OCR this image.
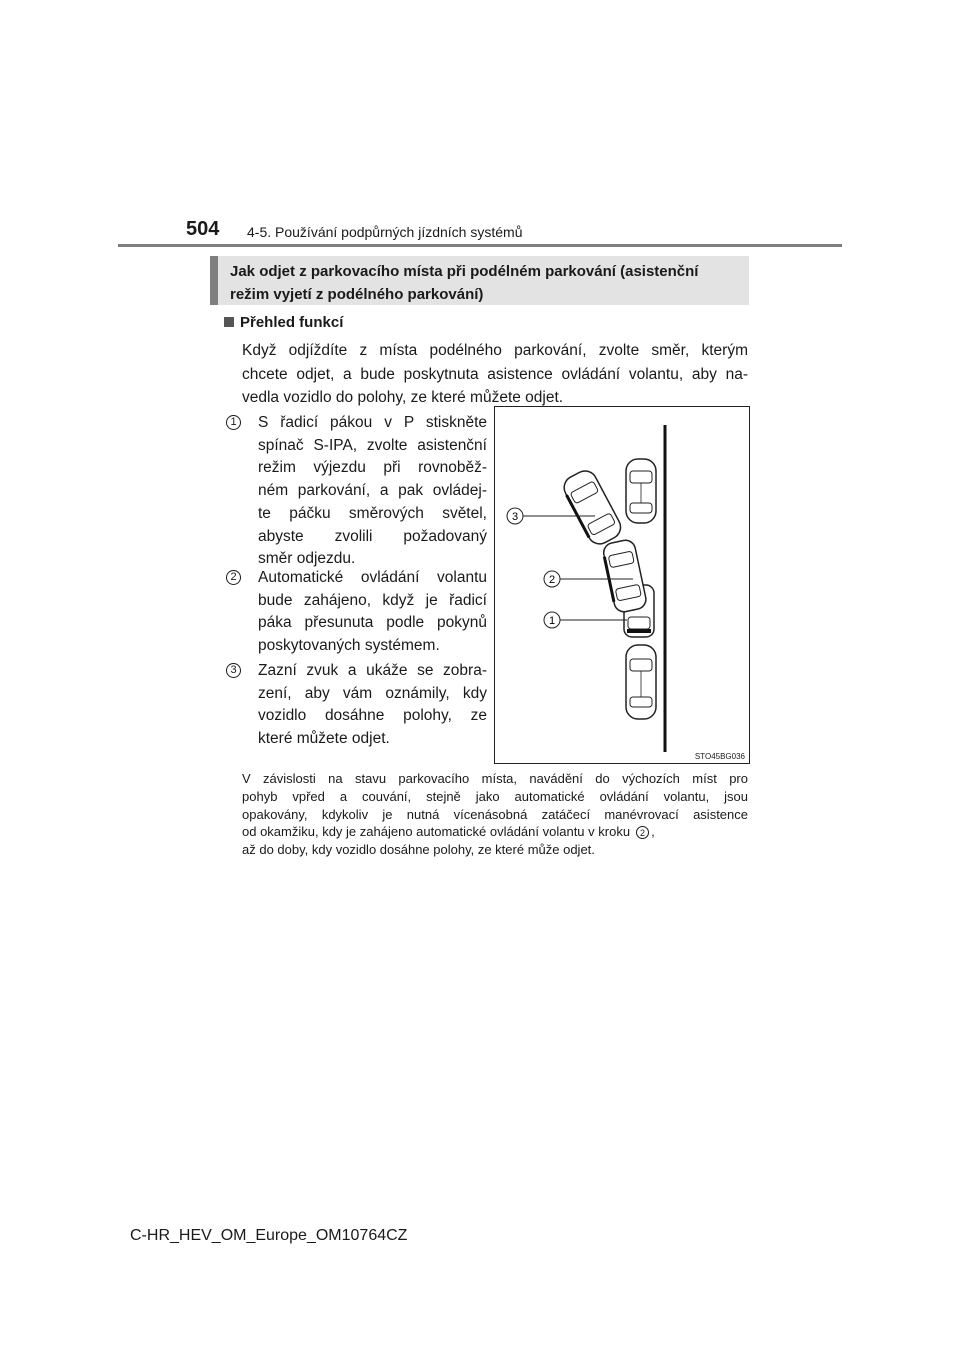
504 4-5. Používání podpůrných jízdních systémů
Jak odjet z parkovacího místa při podélném parkování (asistenční
režim vyjetí z podélného parkování)
Přehled funkcí
Když odjíždíte z místa podélného parkování, zvolte směr, kterým
chcete odjet, a bude poskytnuta asistence ovládání volantu, aby na-
vedla vozidlo do polohy, ze které můžete odjet.
1 S řadicí pákou v P stiskněte
spínač S-IPA, zvolte asistenční
režim výjezdu při rovnoběž-
ném parkování, a pak ovládej-
te páčku směrových světel,
abyste zvolili požadovaný
směr odjezdu.
2 Automatické ovládání volantu
bude zahájeno, když je řadicí
páka přesunuta podle pokynů
poskytovaných systémem.
3 Zazní zvuk a ukáže se zobra-
zení, aby vám oznámily, kdy
vozidlo dosáhne polohy, ze
které můžete odjet.
3
2
1
STO45BG036
V závislosti na stavu parkovacího místa, navádění do výchozích míst pro
pohyb vpřed a couvání, stejně jako automatické ovládání volantu, jsou
opakovány, kdykoliv je nutná vícenásobná zatáčecí manévrovací asistence
od okamžiku, kdy je zahájeno automatické ovládání volantu v kroku 2 ,
až do doby, kdy vozidlo dosáhne polohy, ze které může odjet.
C-HR_HEV_OM_Europe_OM10764CZ
